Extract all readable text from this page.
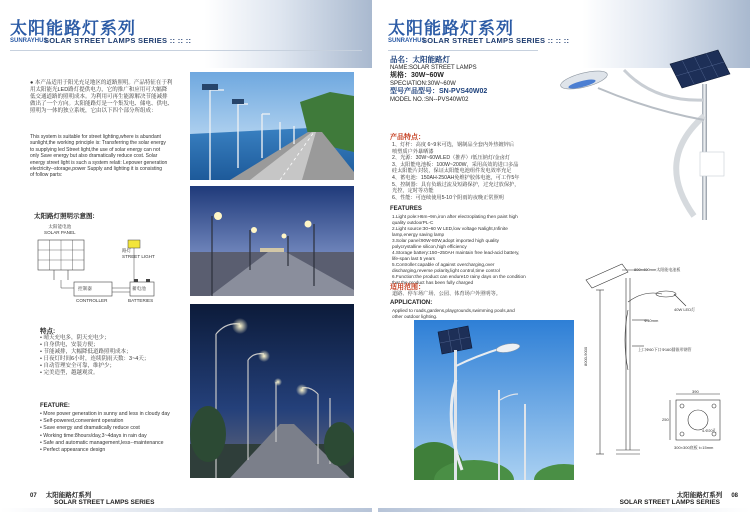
太阳能路灯系列
SUNRAYHUS
SOLAR STREET LAMPS SERIES :: :: ::
● 本产品适用于阳光充足地区的道路照明。产品特征在于利
用太阳能光LED路灯提供电力，它的推广和应用可大幅降
低交通道路的照明成本。为利用可再生能源解决节能减排
做出了一个方向。太阳能路灯是一个集发电、储电、供电、
照明为一体的独立系统，它由以下四个部分所组成：
This system is suitable for street lighting,where is abundant
sunlight,the working principle is: Transferring the solar energy
to supplying led Street light,the use of solar energy can not
only Save energy but also dramatically reduce cost. Solar
energy street light is such a system relati: Lepower generation
electricity--storage,power Supply and lighting it is consisting
of follow parts:
太阳路灯照明示意图:
太阳能电池
SOLAR PANEL
路灯
STREET LIGHT
控制器
CONTROLLER
蓄电池
BATTERIES
特点:
• 晴天充电多，阴天充电少；
• 自身供电，安装方便；
• 节能减排，大幅降低道路照明成本；
• 日夜灯时间6小时，连续阴雨天数：3~4天；
• 自动管理安全可靠，维护少；
• 完美造型，越越观赏。
FEATURE:
• More power generation in sunny and less in cloudy day
• Self-powered,convenient operation
• Save energy and dramatically reduce cost
• Working time:8hours/day,3~4days in rain day
• Safe and automatic management,less--maintenance
• Perfect appearance design
07 太阳能路灯系列
SOLAR STREET LAMPS SERIES
太阳能路灯系列
SUNRAYHUS
SOLAR STREET LAMPS SERIES :: :: ::
品名：太阳能路灯
NAME:SOLAR STREET LAMPS
规格：30W~60W
SPECIATION:30W~60W
型号产品型号：SN-PVS40W02
MODEL NO.:SN--PVS40W02
产品特点：
1、灯杆：高度 6~9米可选，钢制品全套内外热镀锌后
喷塑质户外暴晒漆
2、光源：30W~60WLED（推荐）/低压钠灯/金卤灯
3、太阳能电池板：100W~200W，采用高效的进口多晶
硅太阳能片封装，保证太阳能电池组件发电效率充足
4、蓄电池：150AH-250AH免维护胶体电池，可工作5年
5、控制器：具有负载过流及短路保护，过充过放保护，
光控，定时等功能
6、性能：可连续使用5-10个阴雨的夜晚正常照明
FEATURES
1.Light pole:H6m~9m,iron after electroplating then paint high
quality outdoorPL-C
2.Light source:30~60 W LED,low voltage Nalight,Infinite
lamp,energy saving lamp
3.Solar panel:90W-80W,adopt imported high quality
polycrystalline silicon,high efficiency
4.Storage battery:150~250AH maintain free lead-acid battery,
life-span last 5 years
5.Controller:capable of against overcharging,over
discharging,reverse polarity,light control,time control
6.Function:the product can endure10 rainy days on the condition
that the product has been fully charged
适用范围：
道路、停车场广场、公园、体育场户外照明等。
APPLICATION:
Applied to roads,gardens,playgrounds,swimming pools,and
other outdoor lighting.
800×400mm太阳能电池板
40W LED灯
Φ40mm
上口Φ60下口Φ160圆锥形钢管
8000-9000
390
250
4-Φ20孔
300×300底板 t=15mm
太阳能路灯系列 08
SOLAR STREET LAMPS SERIES
